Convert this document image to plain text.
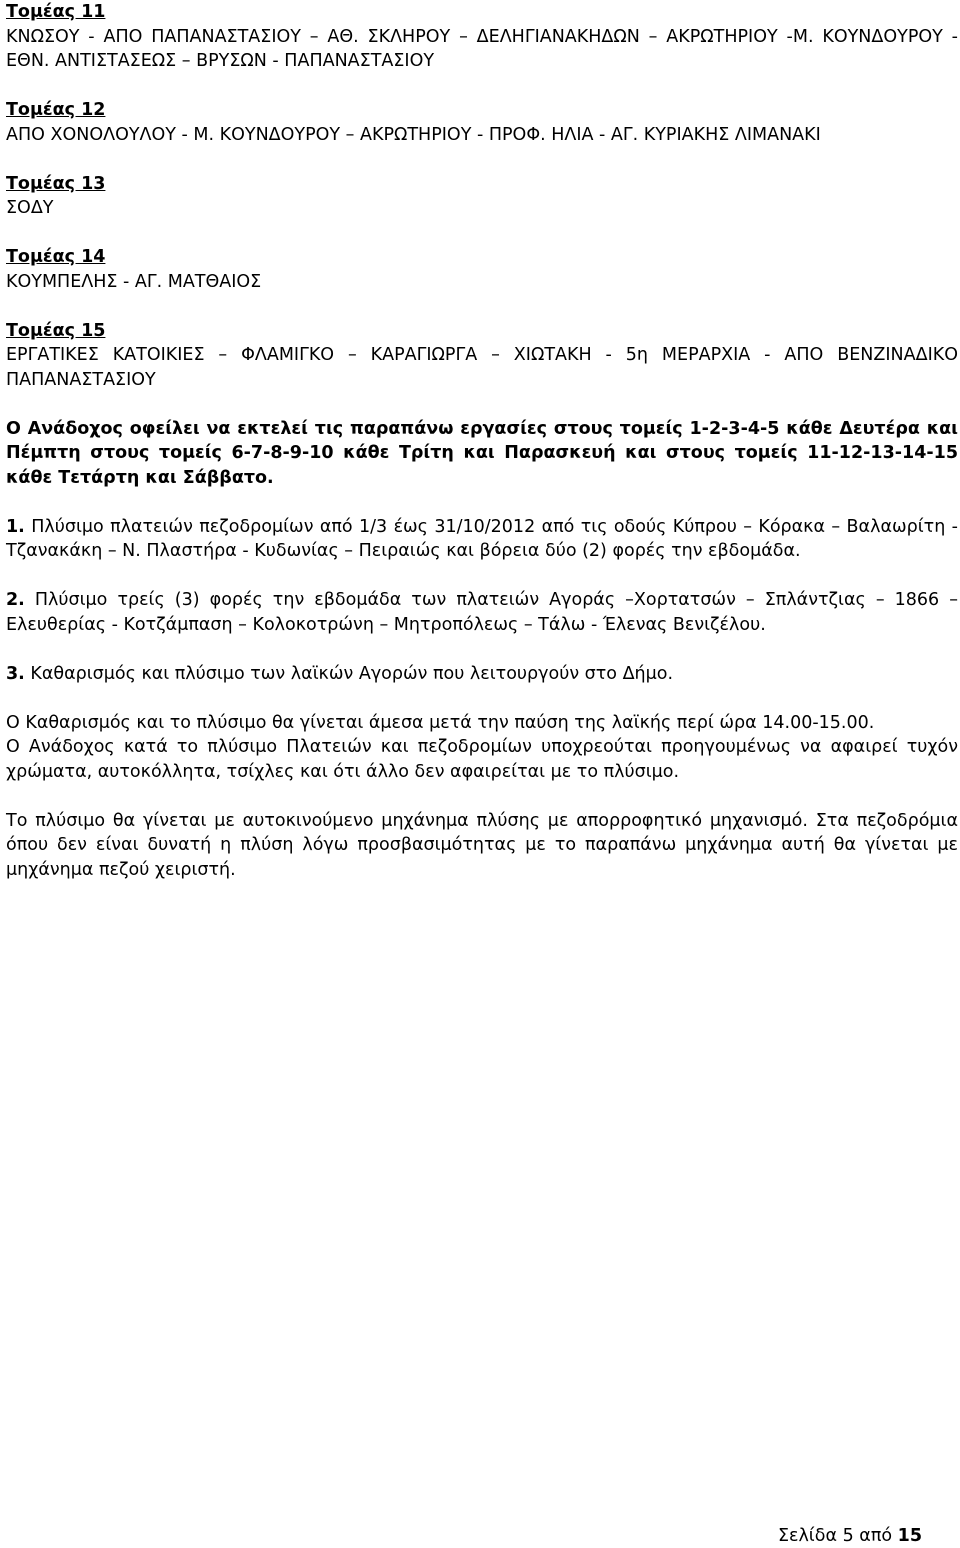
Τομέας 11
ΚΝΩΣΟΥ - ΑΠΟ ΠΑΠΑΝΑΣΤΑΣΙΟΥ – ΑΘ. ΣΚΛΗΡΟΥ – ΔΕΛΗΓΙΑΝΑΚΗΔΩΝ – ΑΚΡΩΤΗΡΙΟΥ -Μ. ΚΟΥΝΔΟΥΡΟΥ - ΕΘΝ. ΑΝΤΙΣΤΑΣΕΩΣ – ΒΡΥΣΩΝ - ΠΑΠΑΝΑΣΤΑΣΙΟΥ
Τομέας 12
ΑΠΟ ΧΟΝΟΛΟΥΛΟΥ - Μ. ΚΟΥΝΔΟΥΡΟΥ – ΑΚΡΩΤΗΡΙΟΥ - ΠΡΟΦ. ΗΛΙΑ - ΑΓ. ΚΥΡΙΑΚΗΣ ΛΙΜΑΝΑΚΙ
Τομέας 13
ΣΟΔΥ
Τομέας 14
ΚΟΥΜΠΕΛΗΣ - ΑΓ. ΜΑΤΘΑΙΟΣ
Τομέας 15
ΕΡΓΑΤΙΚΕΣ ΚΑΤΟΙΚΙΕΣ – ΦΛΑΜΙΓΚΟ – ΚΑΡΑΓΙΩΡΓΑ – ΧΙΩΤΑΚΗ - 5η ΜΕΡΑΡΧΙΑ - ΑΠΟ ΒΕΝΖΙΝΑΔΙΚΟ ΠΑΠΑΝΑΣΤΑΣΙΟΥ

Ο Ανάδοχος οφείλει να εκτελεί τις παραπάνω εργασίες στους τομείς 1-2-3-4-5 κάθε Δευτέρα και Πέμπτη στους τομείς 6-7-8-9-10 κάθε Τρίτη και Παρασκευή και στους τομείς 11-12-13-14-15 κάθε Τετάρτη και Σάββατο.

1. Πλύσιμο πλατειών πεζοδρομίων από 1/3 έως 31/10/2012 από τις οδούς Κύπρου – Κόρακα – Βαλαωρίτη - Τζανακάκη – Ν. Πλαστήρα - Κυδωνίας – Πειραιώς και βόρεια δύο (2) φορές την εβδομάδα.

2. Πλύσιμο τρείς (3) φορές την εβδομάδα των πλατειών Αγοράς –Χορτατσών – Σπλάντζιας – 1866 – Ελευθερίας - Κοτζάμπαση – Κολοκοτρώνη – Μητροπόλεως – Τάλω - Έλενας Βενιζέλου.

3. Καθαρισμός και πλύσιμο των λαϊκών Αγορών που λειτουργούν στο Δήμο.

Ο Καθαρισμός και το πλύσιμο θα γίνεται άμεσα μετά την παύση της λαϊκής περί ώρα 14.00-15.00.

Ο Ανάδοχος κατά το πλύσιμο Πλατειών και πεζοδρομίων υποχρεούται προηγουμένως να αφαιρεί τυχόν χρώματα, αυτοκόλλητα, τσίχλες και ότι άλλο δεν αφαιρείται με το πλύσιμο.

Το πλύσιμο θα γίνεται με αυτοκινούμενο μηχάνημα πλύσης με απορροφητικό μηχανισμό. Στα πεζοδρόμια όπου δεν είναι δυνατή η πλύση λόγω προσβασιμότητας με το παραπάνω μηχάνημα αυτή θα γίνεται με μηχάνημα πεζού χειριστή.

Σελίδα 5 από 15
